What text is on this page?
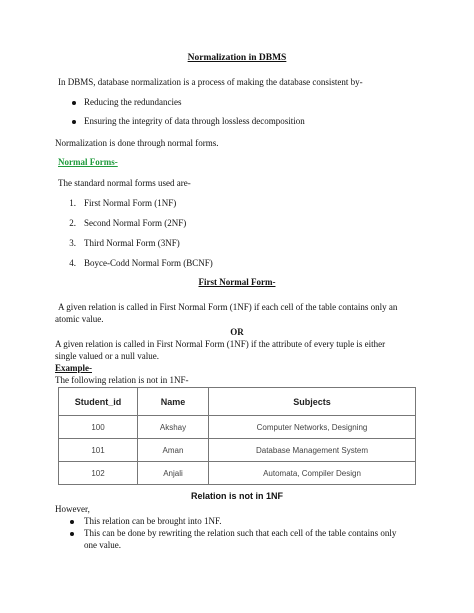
Normalization in DBMS
In DBMS, database normalization is a process of making the database consistent by-
Reducing the redundancies
Ensuring the integrity of data through lossless decomposition
Normalization is done through normal forms.
Normal Forms-
The standard normal forms used are-
1. First Normal Form (1NF)
2. Second Normal Form (2NF)
3. Third Normal Form (3NF)
4. Boyce-Codd Normal Form (BCNF)
First Normal Form-
A given relation is called in First Normal Form (1NF) if each cell of the table contains only an
atomic value.
OR
A given relation is called in First Normal Form (1NF) if the attribute of every tuple is either
single valued or a null value.
Example-
The following relation is not in 1NF-
Student_id	Name	Subjects
100	Akshay	Computer Networks, Designing
101	Aman	Database Management System
102	Anjali	Automata, Compiler Design
Relation is not in 1NF
However,
This relation can be brought into 1NF.
This can be done by rewriting the relation such that each cell of the table contains only
one value.
